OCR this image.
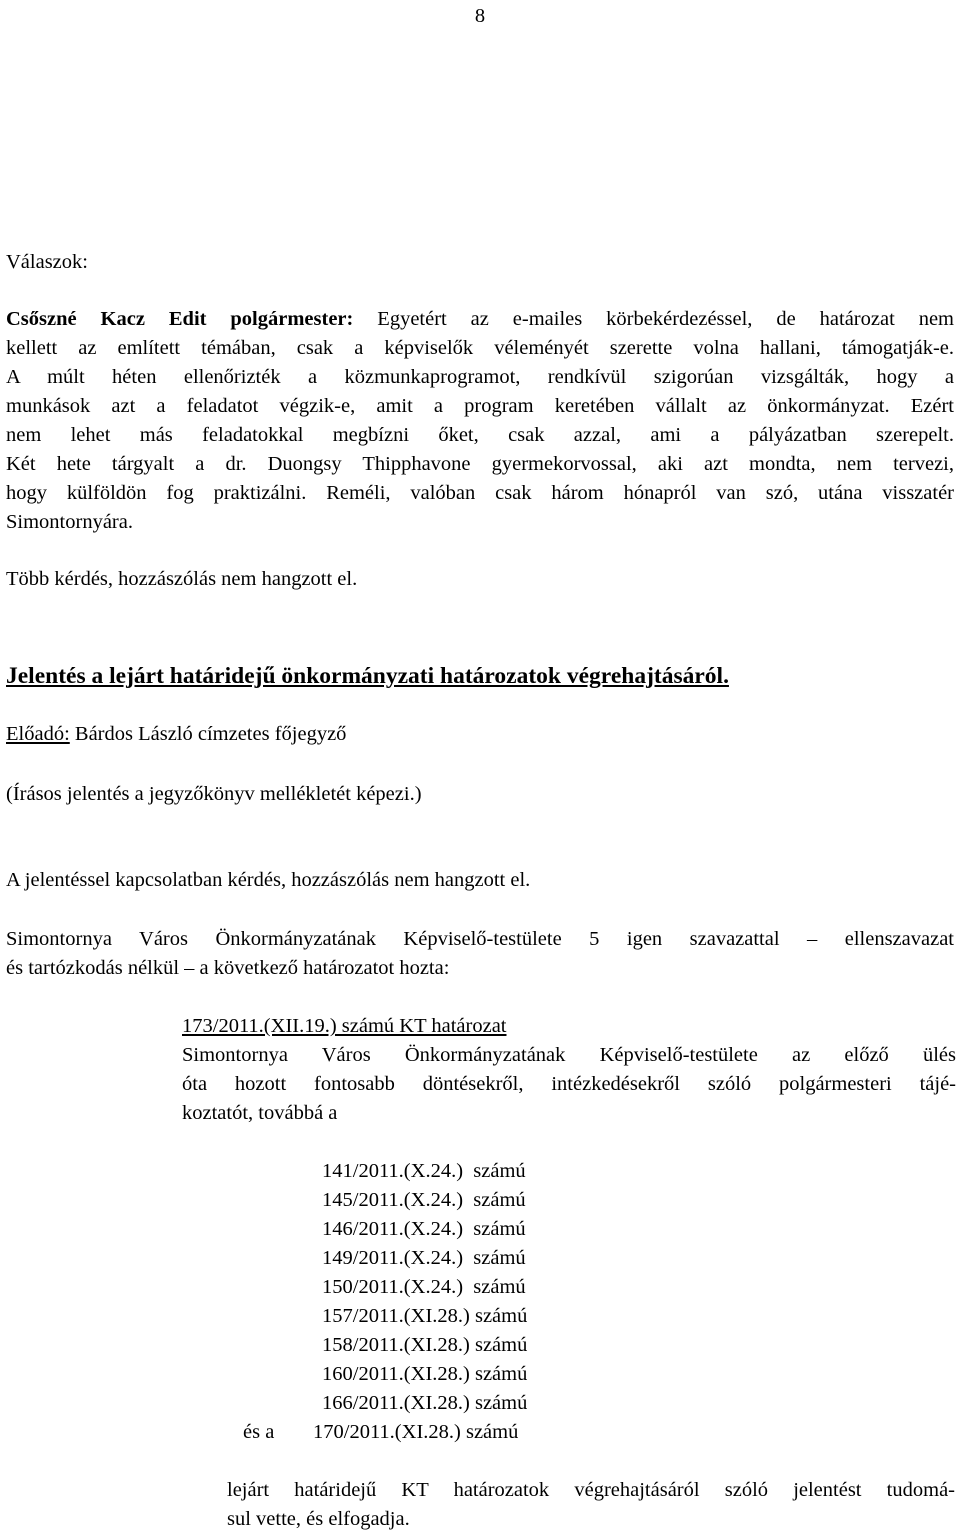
8
Válaszok:

Csőszné Kacz Edit polgármester: Egyetért az e-mailes körbekérdezéssel, de határozat nem

kellett az említett témában, csak a képviselők véleményét szerette volna hallani, támogatják-e.

A múlt héten ellenőrizték a közmunkaprogramot, rendkívül szigorúan vizsgálták, hogy a

munkások azt a feladatot végzik-e, amit a program keretében vállalt az önkormányzat. Ezért

nem lehet más feladatokkal megbízni őket, csak azzal, ami a pályázatban szerepelt.

Két hete tárgyalt a dr. Duongsy Thipphavone gyermekorvossal, aki azt mondta, nem tervezi,

hogy külföldön fog praktizálni. Reméli, valóban csak három hónapról van szó, utána visszatér

Simontornyára.

Több kérdés, hozzászólás nem hangzott el.
Jelentés a lejárt határidejű önkormányzati határozatok végrehajtásáról.
Előadó: Bárdos László címzetes főjegyző
(Írásos jelentés a jegyzőkönyv mellékletét képezi.)
A jelentéssel kapcsolatban kérdés, hozzászólás nem hangzott el.

Simontornya Város Önkormányzatának Képviselő-testülete 5 igen szavazattal – ellenszavazat

és tartózkodás nélkül – a következő határozatot hozta:

173/2011.(XII.19.) számú KT határozat

Simontornya Város Önkormányzatának Képviselő-testülete az előző ülés

óta hozott fontosabb döntésekről, intézkedésekről szóló polgármesteri tájé-

koztatót, továbbá a

141/2011.(X.24.)  számú
145/2011.(X.24.)  számú
146/2011.(X.24.)  számú
149/2011.(X.24.)  számú
150/2011.(X.24.)  számú
157/2011.(XI.28.) számú
158/2011.(XI.28.) számú
160/2011.(XI.28.) számú
166/2011.(XI.28.) számú
és a 170/2011.(XI.28.) számú

lejárt határidejű KT határozatok végrehajtásáról szóló jelentést tudomá-

sul vette, és elfogadja.
